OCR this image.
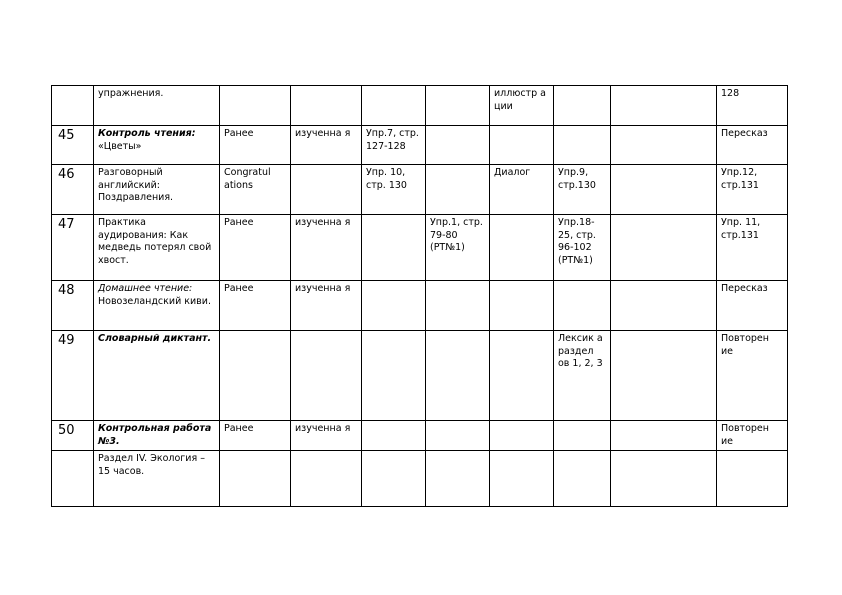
	упражнения.					иллюстр а ции			128
45	Контроль чтения: «Цветы»	Ранее	изученна я	Упр.7, стр. 127-128					Пересказ
46	Разговорный английский: Поздравления.	Congratul ations		Упр. 10, стр. 130		Диалог	Упр.9, стр.130		Упр.12, стр.131
47	Практика аудирования: Как медведь потерял свой хвост.	Ранее	изученна я		Упр.1, стр. 79-80 (РТ№1)		Упр.18-25, стр. 96-102 (РТ№1)		Упр. 11, стр.131
48	Домашнее чтение: Новозеландский киви.	Ранее	изученна я						Пересказ
49	Словарный диктант.						Лексик а раздел ов 1, 2, 3		Повторен ие
50	Контрольная работа №3.	Ранее	изученна я						Повторен ие
	Раздел IV. Экология – 15 часов.								
